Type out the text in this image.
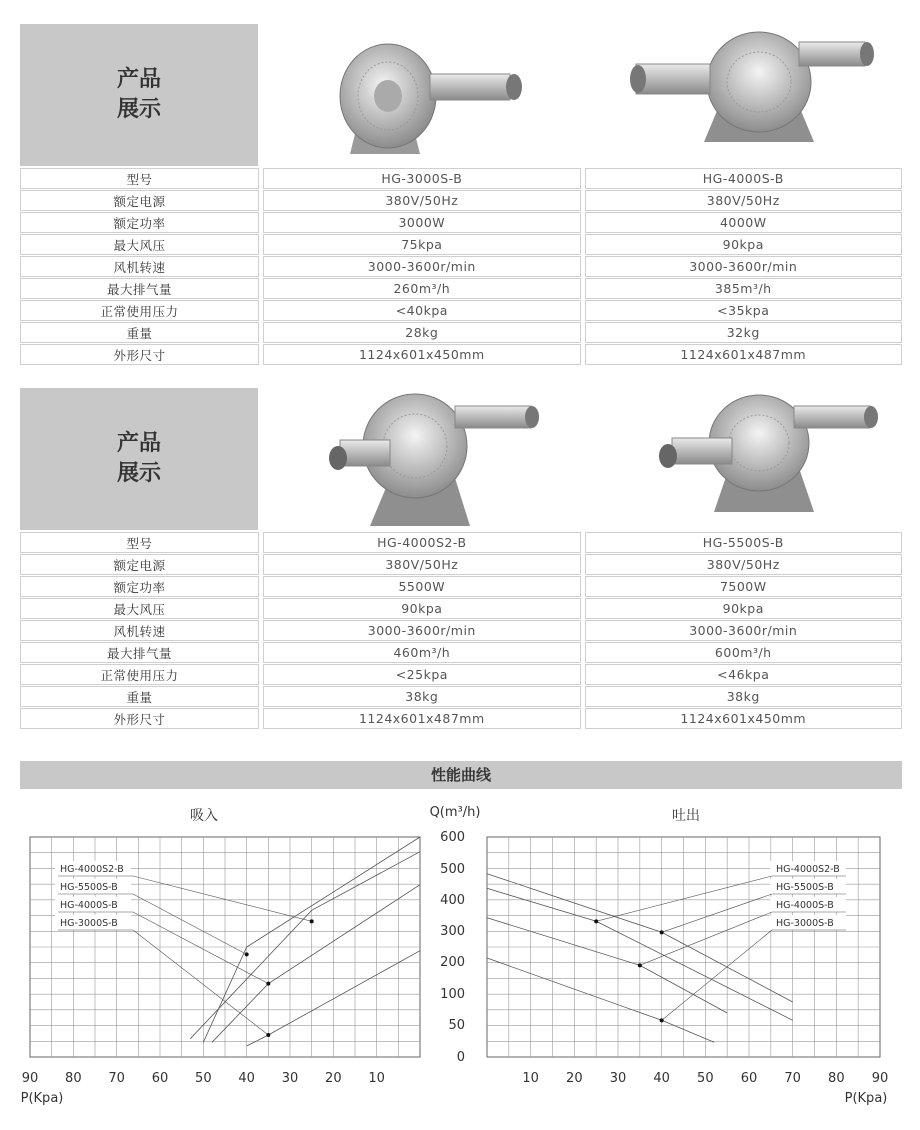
产品
展示
型号		HG-3000S-B		HG-4000S-B

额定电源		380V/50Hz		380V/50Hz

额定功率		3000W		4000W

最大风压		75kpa		90kpa

风机转速		3000-3600r/min		3000-3600r/min

最大排气量		260m³/h		385m³/h

正常使用压力		<40kpa		<35kpa

重量		28kg		32kg

外形尺寸		1124x601x450mm		1124x601x487mm
产品
展示
型号		HG-4000S2-B		HG-5500S-B

额定电源		380V/50Hz		380V/50Hz

额定功率		5500W		7500W

最大风压		90kpa		90kpa

风机转速		3000-3600r/min		3000-3600r/min

最大排气量		460m³/h		600m³/h

正常使用压力		<25kpa		<46kpa

重量		38kg		38kg

外形尺寸		1124x601x487mm		1124x601x450mm
性能曲线
吸入
90 80 70 60 50 40 30 20 10
P(Kpa)
HG-4000S2-B
HG-5500S-B
HG-4000S-B
HG-3000S-B
吐出
Q(m³/h)
600
500
400
300
200
100
50
0
10 20 30 40 50 60 70 80 90
P(Kpa)
HG-4000S2-B
HG-5500S-B
HG-4000S-B
HG-3000S-B
